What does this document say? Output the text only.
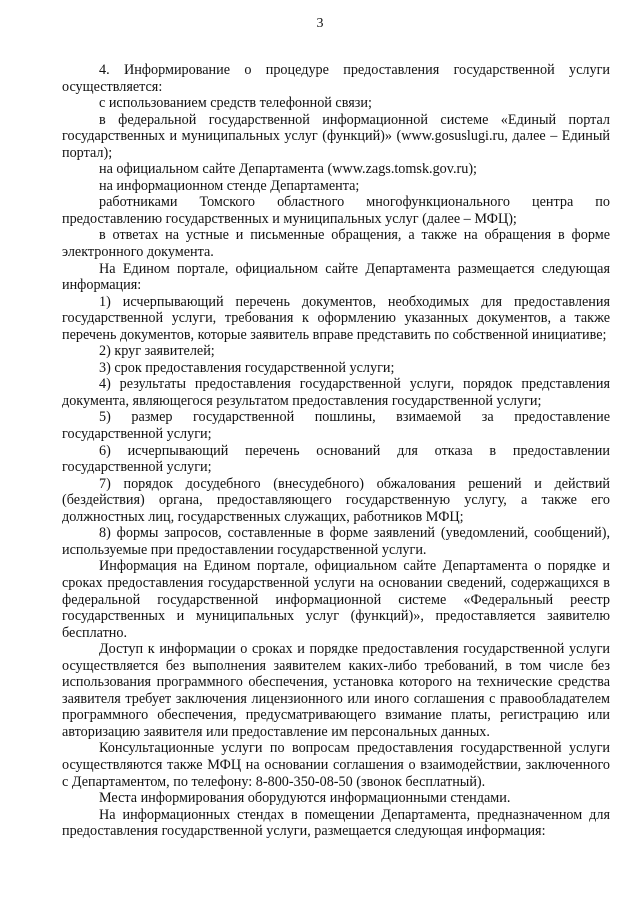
3

4. Информирование о процедуре предоставления государственной услуги осуществляется:

с использованием средств телефонной связи;

в федеральной государственной информационной системе «Единый портал государственных и муниципальных услуг (функций)» (www.gosuslugi.ru, далее – Единый портал);

на официальном сайте Департамента (www.zags.tomsk.gov.ru);

на информационном стенде Департамента;

работниками Томского областного многофункционального центра по предоставлению государственных и муниципальных услуг (далее – МФЦ);

в ответах на устные и письменные обращения, а также на обращения в форме электронного документа.

На Едином портале, официальном сайте Департамента размещается следующая информация:

1) исчерпывающий перечень документов, необходимых для предоставления государственной услуги, требования к оформлению указанных документов, а также перечень документов, которые заявитель вправе представить по собственной инициативе;

2) круг заявителей;

3) срок предоставления государственной услуги;

4) результаты предоставления государственной услуги, порядок представления документа, являющегося результатом предоставления государственной услуги;

5) размер государственной пошлины, взимаемой за предоставление государственной услуги;

6) исчерпывающий перечень оснований для отказа в предоставлении государственной услуги;

7) порядок досудебного (внесудебного) обжалования решений и действий (бездействия) органа, предоставляющего государственную услугу, а также его должностных лиц, государственных служащих, работников МФЦ;

8) формы запросов, составленные в форме заявлений (уведомлений, сообщений), используемые при предоставлении государственной услуги.

Информация на Едином портале, официальном сайте Департамента о порядке и сроках предоставления государственной услуги на основании сведений, содержащихся в федеральной государственной информационной системе «Федеральный реестр государственных и муниципальных услуг (функций)», предоставляется заявителю бесплатно.

Доступ к информации о сроках и порядке предоставления государственной услуги осуществляется без выполнения заявителем каких-либо требований, в том числе без использования программного обеспечения, установка которого на технические средства заявителя требует заключения лицензионного или иного соглашения с правообладателем программного обеспечения, предусматривающего взимание платы, регистрацию или авторизацию заявителя или предоставление им персональных данных.

Консультационные услуги по вопросам предоставления государственной услуги осуществляются также МФЦ на основании соглашения о взаимодействии, заключенного с Департаментом, по телефону: 8-800-350-08-50 (звонок бесплатный).

Места информирования оборудуются информационными стендами.

На информационных стендах в помещении Департамента, предназначенном для предоставления государственной услуги, размещается следующая информация:
